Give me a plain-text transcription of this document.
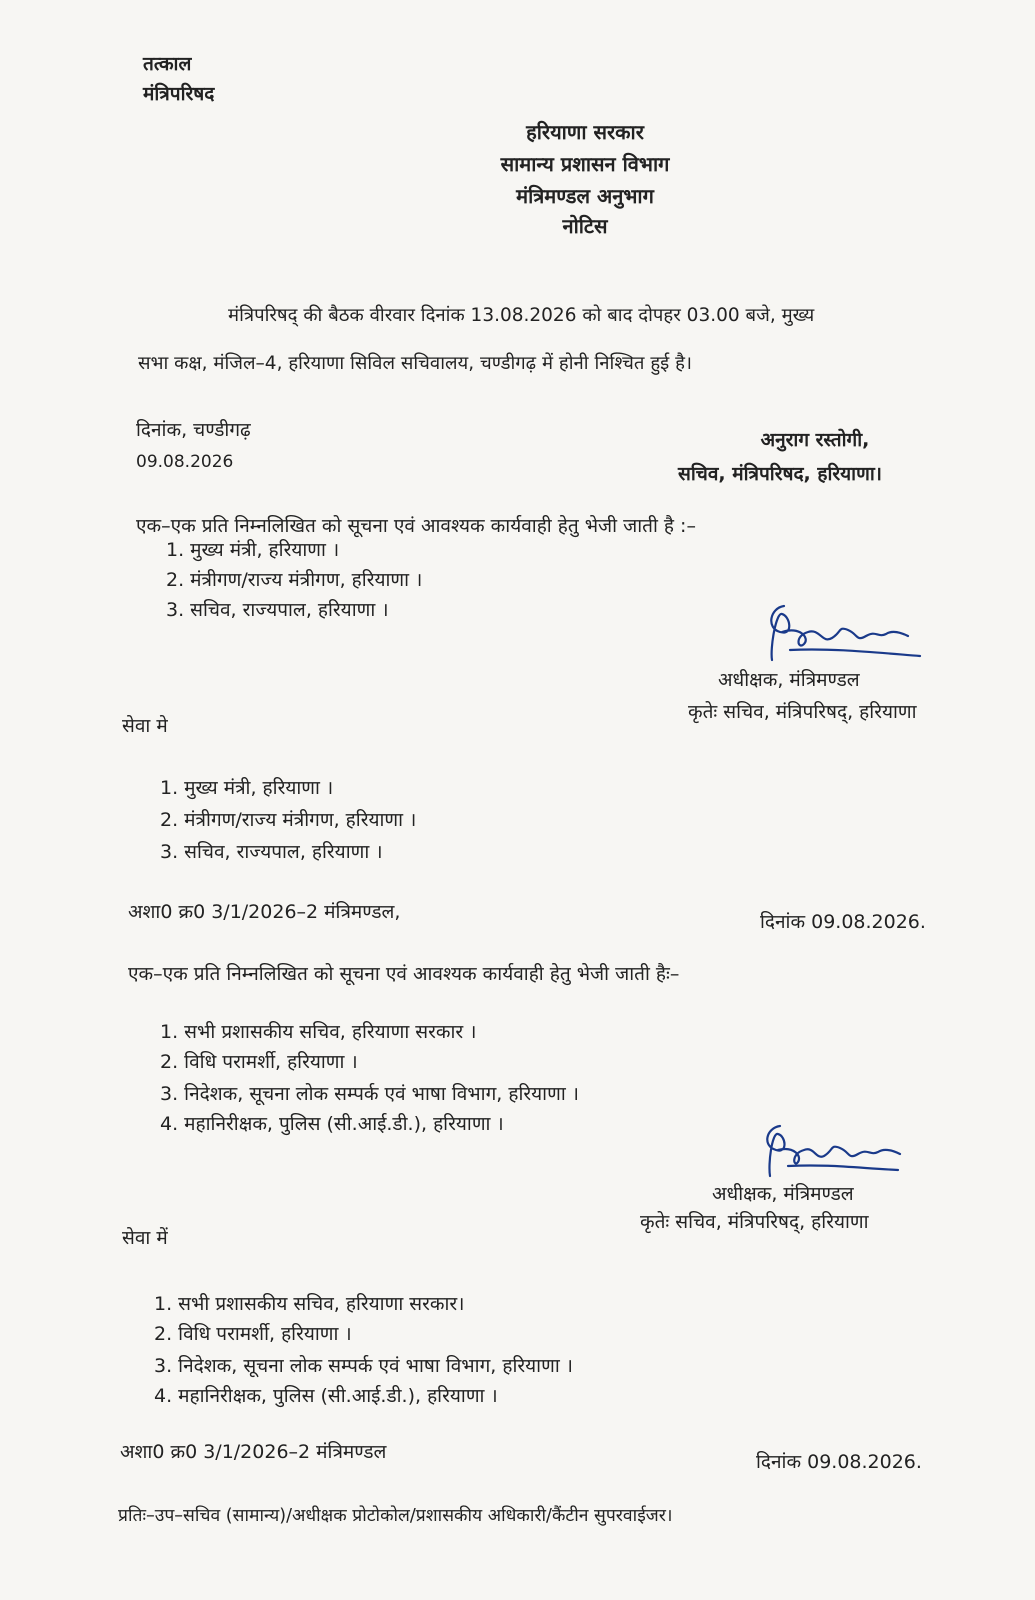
तत्काल
मंत्रिपरिषद
हरियाणा सरकार
सामान्य प्रशासन विभाग
मंत्रिमण्डल अनुभाग
नोटिस
मंत्रिपरिषद् की बैठक वीरवार दिनांक 13.08.2026 को बाद दोपहर 03.00 बजे, मुख्य
सभा कक्ष, मंजिल–4, हरियाणा सिविल सचिवालय, चण्डीगढ़ में होनी निश्चित हुई है।
दिनांक, चण्डीगढ़
09.08.2026
अनुराग रस्तोगी,
सचिव, मंत्रिपरिषद, हरियाणा।
एक–एक प्रति निम्नलिखित को सूचना एवं आवश्यक कार्यवाही हेतु भेजी जाती है :–
1. मुख्य मंत्री, हरियाणा ।
2. मंत्रीगण/राज्य मंत्रीगण, हरियाणा ।
3. सचिव, राज्यपाल, हरियाणा ।
अधीक्षक, मंत्रिमण्डल
कृतेः सचिव, मंत्रिपरिषद्, हरियाणा
सेवा मे
1. मुख्य मंत्री, हरियाणा ।
2. मंत्रीगण/राज्य मंत्रीगण, हरियाणा ।
3. सचिव, राज्यपाल, हरियाणा ।
अशा0 क्र0 3/1/2026–2 मंत्रिमण्डल,	दिनांक 09.08.2026.
एक–एक प्रति निम्नलिखित को सूचना एवं आवश्यक कार्यवाही हेतु भेजी जाती हैः–
1. सभी प्रशासकीय सचिव, हरियाणा सरकार ।
2. विधि परामर्शी, हरियाणा ।
3. निदेशक, सूचना लोक सम्पर्क एवं भाषा विभाग, हरियाणा ।
4. महानिरीक्षक, पुलिस (सी.आई.डी.), हरियाणा ।
अधीक्षक, मंत्रिमण्डल
कृतेः सचिव, मंत्रिपरिषद्, हरियाणा
सेवा में
1. सभी प्रशासकीय सचिव, हरियाणा सरकार।
2. विधि परामर्शी, हरियाणा ।
3. निदेशक, सूचना लोक सम्पर्क एवं भाषा विभाग, हरियाणा ।
4. महानिरीक्षक, पुलिस (सी.आई.डी.), हरियाणा ।
अशा0 क्र0 3/1/2026–2 मंत्रिमण्डल	दिनांक 09.08.2026.
प्रतिः–उप–सचिव (सामान्य)/अधीक्षक प्रोटोकोल/प्रशासकीय अधिकारी/कैंटीन सुपरवाईजर।
